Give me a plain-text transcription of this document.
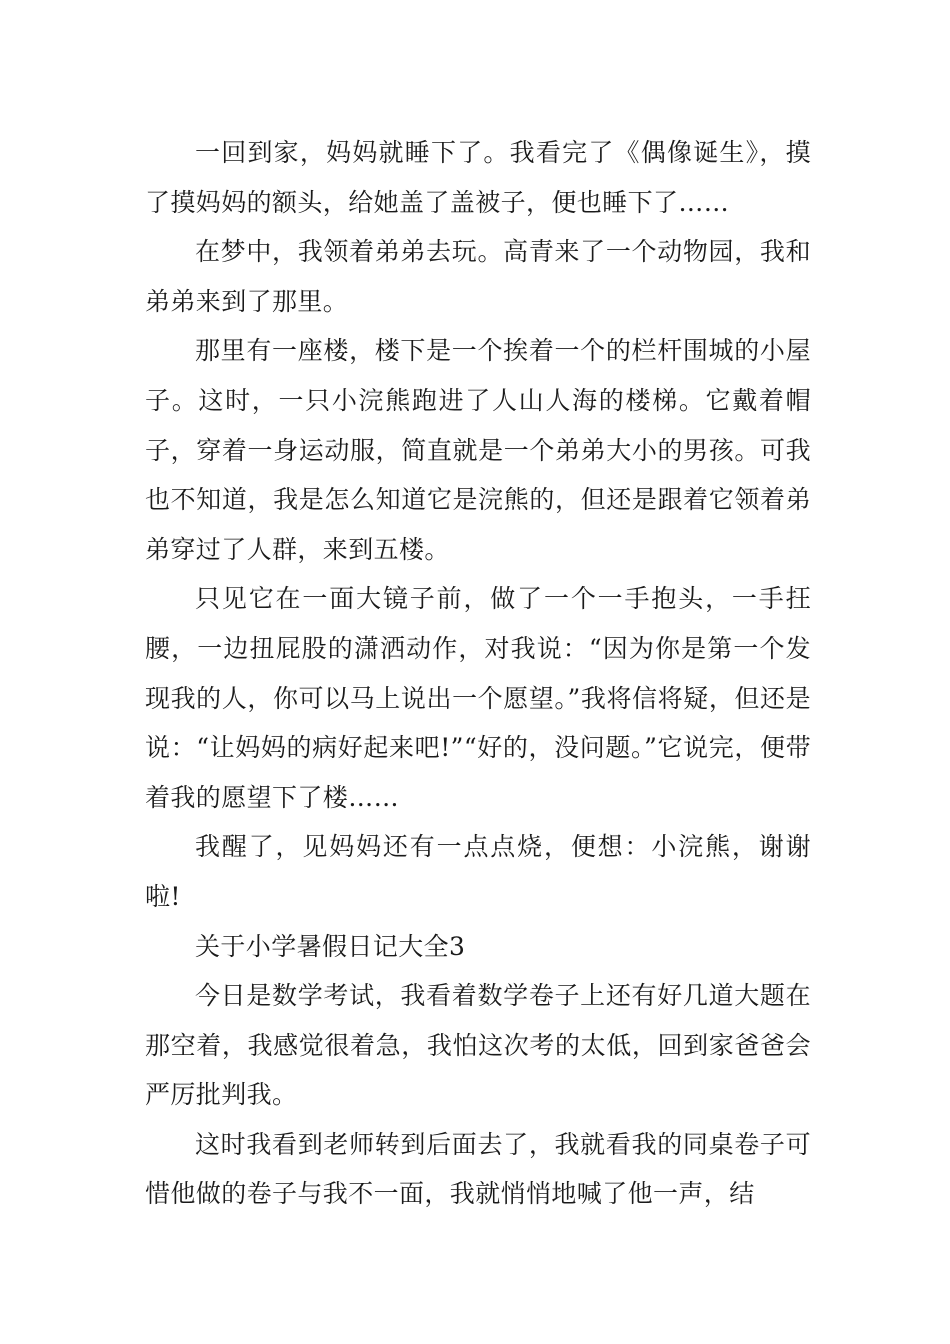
一回到家，妈妈就睡下了。我看完了《偶像诞生》，摸了摸妈妈的额头，给她盖了盖被子，便也睡下了……

在梦中，我领着弟弟去玩。高青来了一个动物园，我和弟弟来到了那里。

那里有一座楼，楼下是一个挨着一个的栏杆围城的小屋子。这时，一只小浣熊跑进了人山人海的楼梯。它戴着帽子，穿着一身运动服，简直就是一个弟弟大小的男孩。可我也不知道，我是怎么知道它是浣熊的，但还是跟着它领着弟弟穿过了人群，来到五楼。

只见它在一面大镜子前，做了一个一手抱头，一手抂腰，一边扭屁股的潇洒动作，对我说：“因为你是第一个发现我的人，你可以马上说出一个愿望。”我将信将疑，但还是说：“让妈妈的病好起来吧!”“好的，没问题。”它说完，便带着我的愿望下了楼……

我醒了，见妈妈还有一点点烧，便想：小浣熊，谢谢啦!

关于小学暑假日记大全3

今日是数学考试，我看着数学卷子上还有好几道大题在那空着，我感觉很着急，我怕这次考的太低，回到家爸爸会严厉批判我。

这时我看到老师转到后面去了，我就看我的同桌卷子可惜他做的卷子与我不一面，我就悄悄地喊了他一声，结
